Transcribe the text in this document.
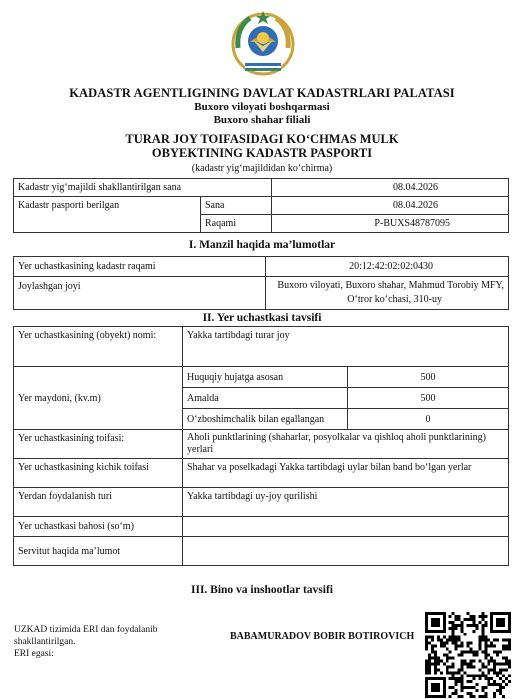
KADASTR AGENTLIGINING DAVLAT KADASTRLARI PALATASI
Buxoro viloyati boshqarmasi
Buxoro shahar filiali
TURAR JOY TOIFASIDAGI KO‘CHMAS MULK
OBYEKTINING KADASTR PASPORTI
(kadastr yig‘majildidan ko‘chirma)
Kadastr yig‘majildi shakllantirilgan sana		08.04.2026
Kadastr pasporti berilgan	Sana	08.04.2026
	Raqami	P-BUXS48787095
I. Manzil haqida ma’lumotlar
Yer uchastkasining kadastr raqami	20:12:42:02:02:0430
Joylashgan joyi	Buxoro viloyati, Buxoro shahar, Mahmud Torobiy MFY,
O‘tror ko‘chasi, 310-uy
II. Yer uchastkasi tavsifi
Yer uchastkasining (obyekt) nomi:	Yakka tartibdagi turar joy	
Yer maydoni, (kv.m)	Huquqiy hujatga asosan	500
	Amalda	500
	O‘zboshimchalik bilan egallangan	0
Yer uchastkasining toifasi:	Aholi punktlarining (shaharlar, posyolkalar va qishloq aholi punktlarining) yerlari	
Yer uchastkasining kichik toifasi	Shahar va poselkadagi Yakka tartibdagi uylar bilan band bo‘lgan yerlar	
Yerdan foydalanish turi	Yakka tartibdagi uy-joy qurilishi	
Yer uchastkasi bahosi (so‘m)		
Servitut haqida ma’lumot		
III. Bino va inshootlar tavsifi
UZKAD tizimida ERI dan foydalanib
shakllantirilgan.
ERI egasi:
BABAMURADOV BOBIR BOTIROVICH
